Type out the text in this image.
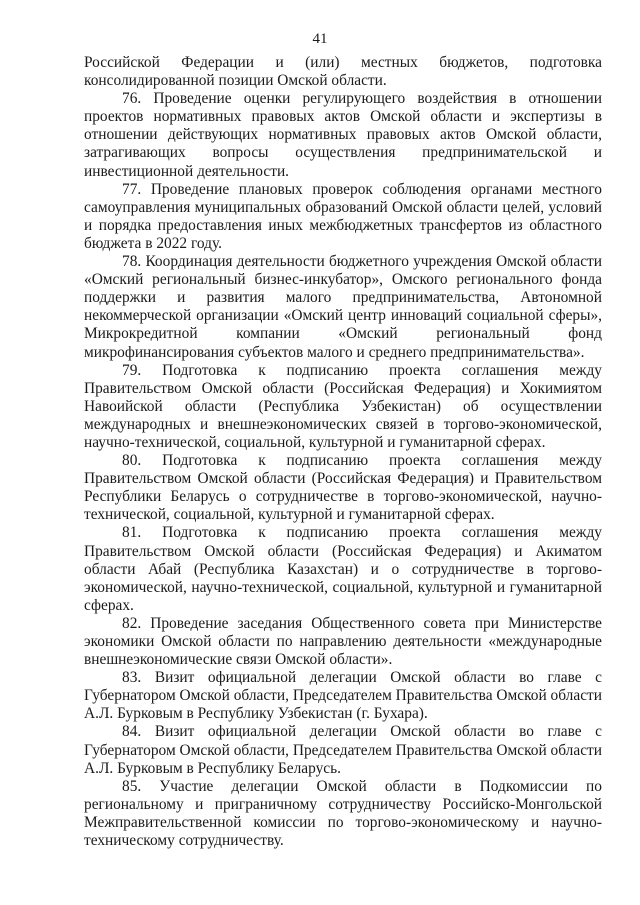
41

Российской Федерации и (или) местных бюджетов, подготовка консолидированной позиции Омской области.

76. Проведение оценки регулирующего воздействия в отношении проектов нормативных правовых актов Омской области и экспертизы в отношении действующих нормативных правовых актов Омской области, затрагивающих вопросы осуществления предпринимательской и инвестиционной деятельности.

77. Проведение плановых проверок соблюдения органами местного самоуправления муниципальных образований Омской области целей, условий и порядка предоставления иных межбюджетных трансфертов из областного бюджета в 2022 году.

78. Координация деятельности бюджетного учреждения Омской области «Омский региональный бизнес-инкубатор», Омского регионального фонда поддержки и развития малого предпринимательства, Автономной некоммерческой организации «Омский центр инноваций социальной сферы», Микрокредитной компании «Омский региональный фонд микрофинансирования субъектов малого и среднего предпринимательства».

79. Подготовка к подписанию проекта соглашения между Правительством Омской области (Российская Федерация) и Хокимиятом Навоийской области (Республика Узбекистан) об осуществлении международных и внешнеэкономических связей в торгово-экономической, научно-технической, социальной, культурной и гуманитарной сферах.

80. Подготовка к подписанию проекта соглашения между Правительством Омской области (Российская Федерация) и Правительством Республики Беларусь о сотрудничестве в торгово-экономической, научно-технической, социальной, культурной и гуманитарной сферах.

81. Подготовка к подписанию проекта соглашения между Правительством Омской области (Российская Федерация) и Акиматом области Абай (Республика Казахстан) и о сотрудничестве в торгово-экономической, научно-технической, социальной, культурной и гуманитарной сферах.

82. Проведение заседания Общественного совета при Министерстве экономики Омской области по направлению деятельности «международные внешнеэкономические связи Омской области».

83. Визит официальной делегации Омской области во главе с Губернатором Омской области, Председателем Правительства Омской области А.Л. Бурковым в Республику Узбекистан (г. Бухара).

84. Визит официальной делегации Омской области во главе с Губернатором Омской области, Председателем Правительства Омской области А.Л. Бурковым в Республику Беларусь.

85. Участие делегации Омской области в Подкомиссии по региональному и приграничному сотрудничеству Российско-Монгольской Межправительственной комиссии по торгово-экономическому и научно-техническому сотрудничеству.
